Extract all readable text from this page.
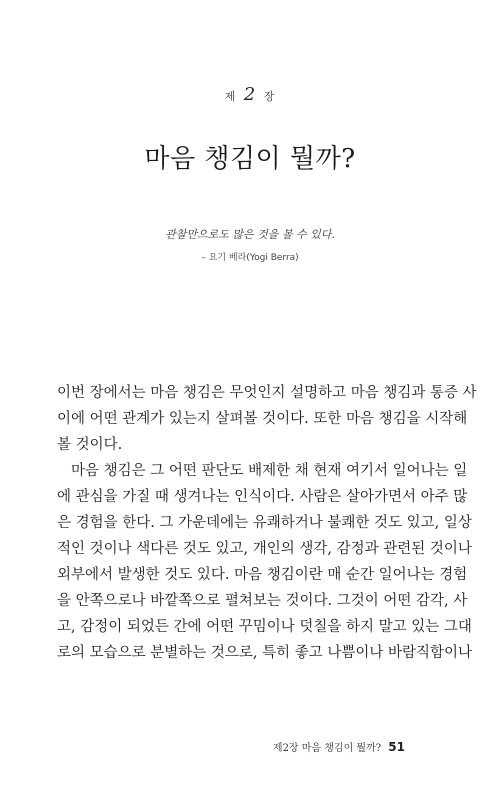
제 2 장
마음 챙김이 뭘까?
관찰만으로도 많은 것을 볼 수 있다.
– 요기 베라(Yogi Berra)
이번 장에서는 마음 챙김은 무엇인지 설명하고 마음 챙김과 통증 사
이에 어떤 관계가 있는지 살펴볼 것이다. 또한 마음 챙김을 시작해
볼 것이다.
마음 챙김은 그 어떤 판단도 배제한 채 현재 여기서 일어나는 일
에 관심을 가질 때 생겨나는 인식이다. 사람은 살아가면서 아주 많
은 경험을 한다. 그 가운데에는 유쾌하거나 불쾌한 것도 있고, 일상
적인 것이나 색다른 것도 있고, 개인의 생각, 감정과 관련된 것이나
외부에서 발생한 것도 있다. 마음 챙김이란 매 순간 일어나는 경험
을 안쪽으로나 바깥쪽으로 펼쳐보는 것이다. 그것이 어떤 감각, 사
고, 감정이 되었든 간에 어떤 꾸밈이나 덧칠을 하지 말고 있는 그대
로의 모습으로 분별하는 것으로, 특히 좋고 나쁨이나 바람직함이나
제2장 마음 챙김이 뭘까? 51
